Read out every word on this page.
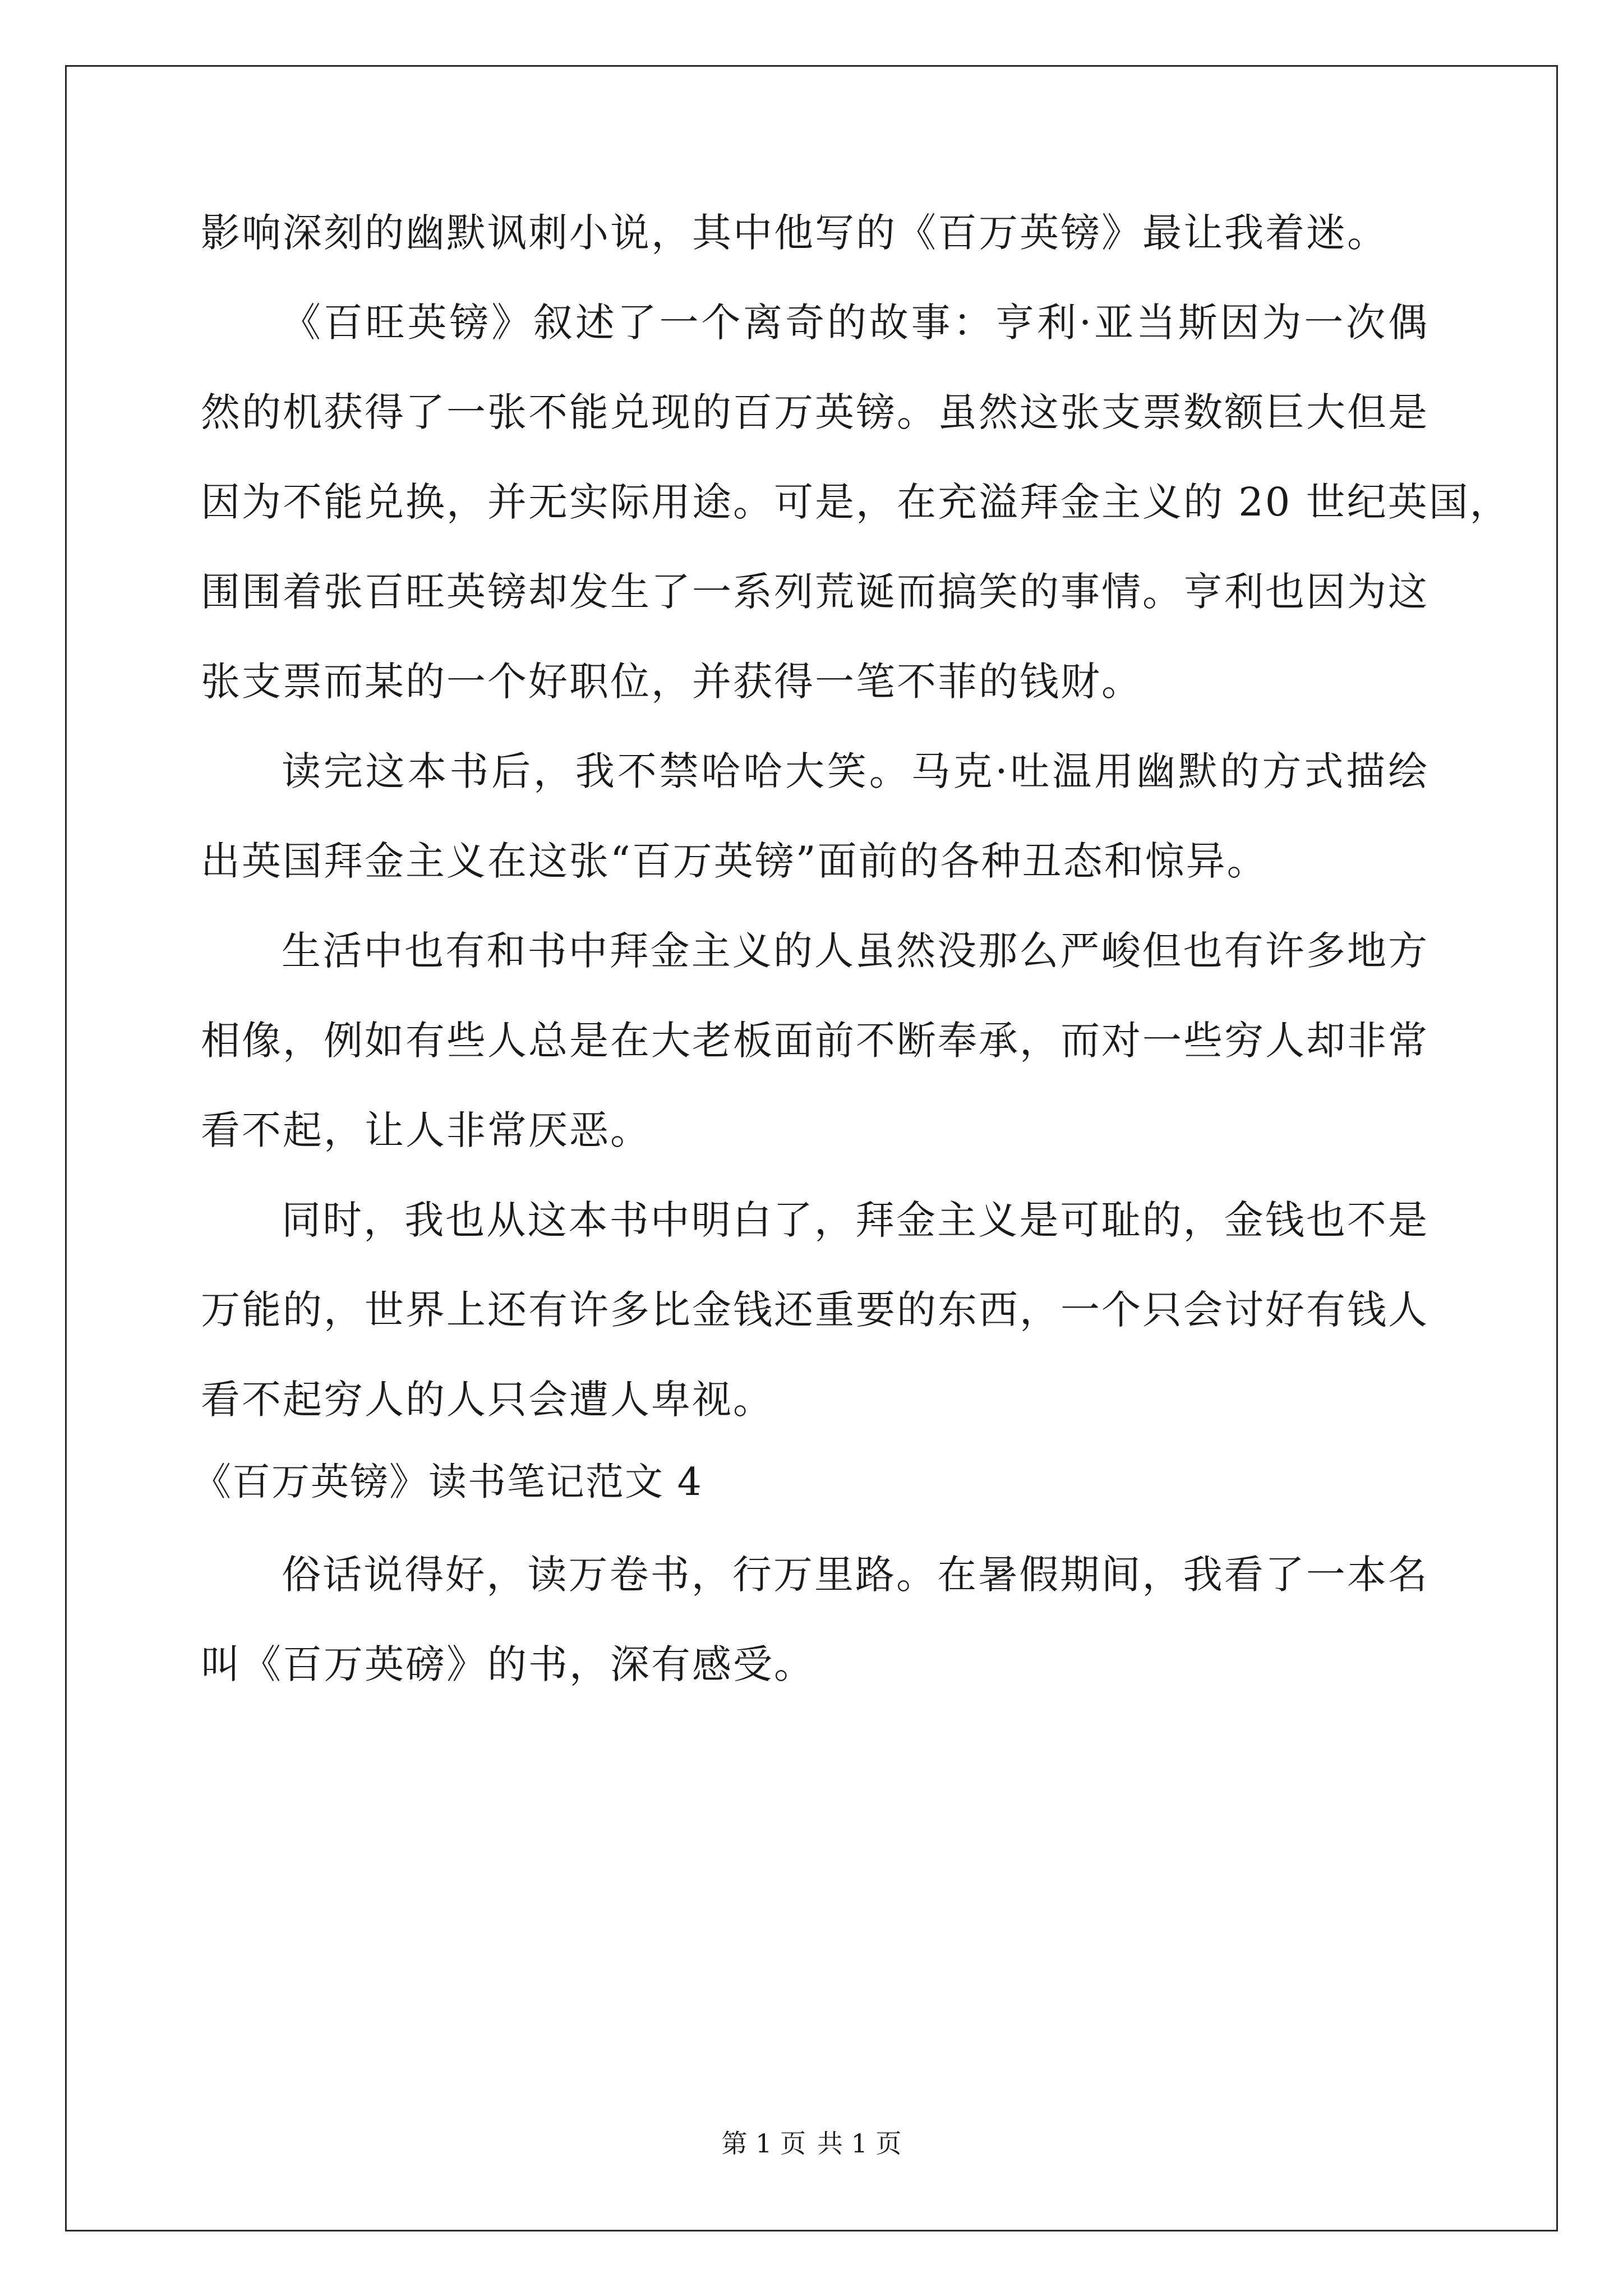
影响深刻的幽默讽刺小说，其中他写的《百万英镑》最让我着迷。
《百旺英镑》叙述了一个离奇的故事：亨利·亚当斯因为一次偶
然的机获得了一张不能兑现的百万英镑。虽然这张支票数额巨大但是
因为不能兑换，并无实际用途。可是，在充溢拜金主义的 20 世纪英国，
围围着张百旺英镑却发生了一系列荒诞而搞笑的事情。亨利也因为这
张支票而某的一个好职位，并获得一笔不菲的钱财。
读完这本书后，我不禁哈哈大笑。马克·吐温用幽默的方式描绘
出英国拜金主义在这张“百万英镑”面前的各种丑态和惊异。
生活中也有和书中拜金主义的人虽然没那么严峻但也有许多地方
相像，例如有些人总是在大老板面前不断奉承，而对一些穷人却非常
看不起，让人非常厌恶。
同时，我也从这本书中明白了，拜金主义是可耻的，金钱也不是
万能的，世界上还有许多比金钱还重要的东西，一个只会讨好有钱人
看不起穷人的人只会遭人卑视。
《百万英镑》读书笔记范文 4
俗话说得好，读万卷书，行万里路。在暑假期间，我看了一本名
叫《百万英磅》的书，深有感受。
第 1 页 共 1 页
